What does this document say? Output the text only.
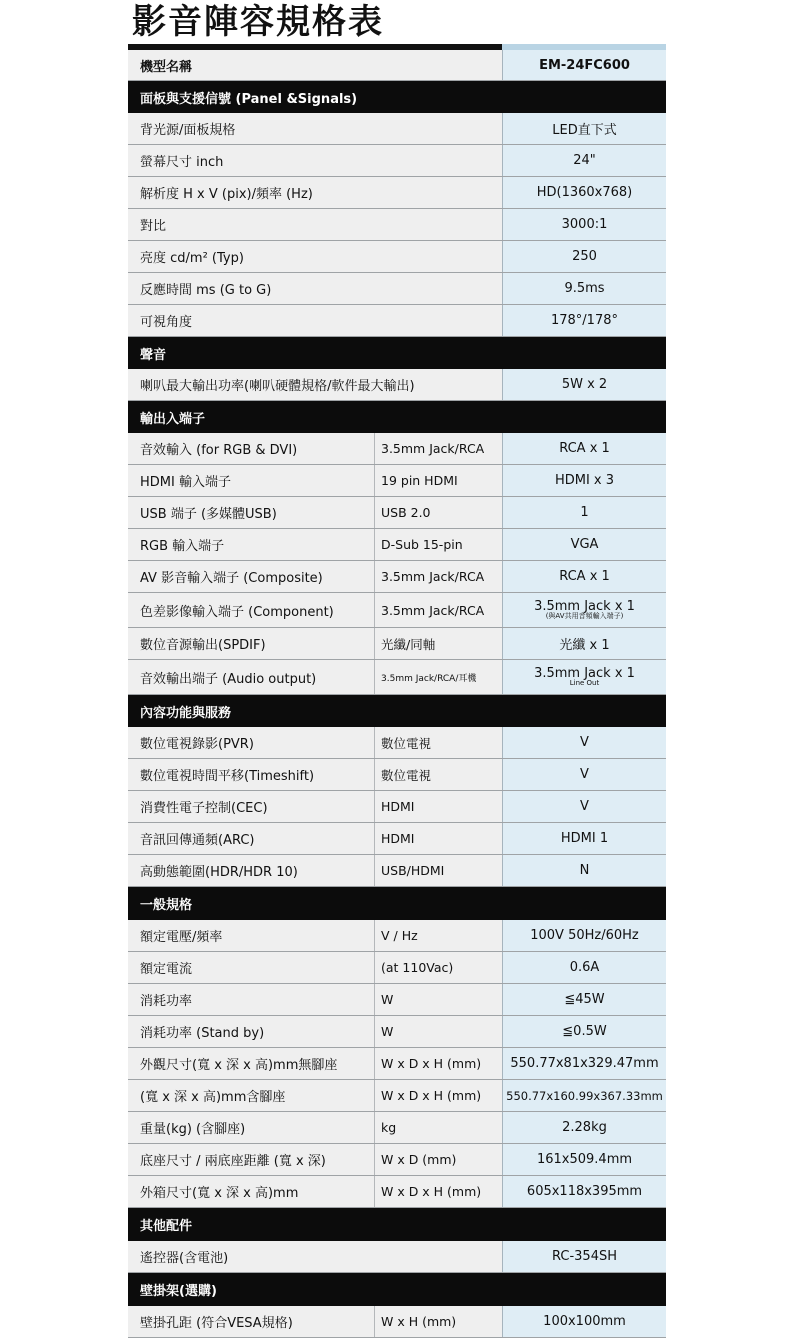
影音陣容規格表
機型名稱	EM-24FC600
面板與支援信號 (Panel &Signals)
背光源/面板規格	LED直下式
螢幕尺寸 inch	24"
解析度 H x V (pix)/頻率 (Hz)	HD(1360x768)
對比	3000:1
亮度 cd/m² (Typ)	250
反應時間 ms (G to G)	9.5ms
可視角度	178°/178°
聲音
喇叭最大輸出功率(喇叭硬體規格/軟件最大輸出)	5W x 2
輸出入端子
音效輸入 (for RGB & DVI)	3.5mm Jack/RCA	RCA x 1
HDMI 輸入端子	19 pin HDMI	HDMI x 3
USB 端子 (多媒體USB)	USB 2.0	1
RGB 輸入端子	D-Sub 15-pin	VGA
AV 影音輸入端子 (Composite)	3.5mm Jack/RCA	RCA x 1
色差影像輸入端子 (Component)	3.5mm Jack/RCA	3.5mm Jack x 1
(與AV共用音頻輸入端子)
數位音源輸出(SPDIF)	光纖/同軸	光纖 x 1
音效輸出端子 (Audio output)	3.5mm Jack/RCA/耳機	3.5mm Jack x 1
Line Out
內容功能與服務
數位電視錄影(PVR)	數位電視	V
數位電視時間平移(Timeshift)	數位電視	V
消費性電子控制(CEC)	HDMI	V
音訊回傳通頻(ARC)	HDMI	HDMI 1
高動態範圍(HDR/HDR 10)	USB/HDMI	N
一般規格
額定電壓/頻率	V / Hz	100V 50Hz/60Hz
額定電流	(at 110Vac)	0.6A
消耗功率	W	≦45W
消耗功率 (Stand by)	W	≦0.5W
外觀尺寸(寬 x 深 x 高)mm無腳座	W x D x H (mm)	550.77x81x329.47mm
(寬 x 深 x 高)mm含腳座	W x D x H (mm)	550.77x160.99x367.33mm
重量(kg) (含腳座)	kg	2.28kg
底座尺寸 / 兩底座距離 (寬 x 深)	W x D (mm)	161x509.4mm
外箱尺寸(寬 x 深 x 高)mm	W x D x H (mm)	605x118x395mm
其他配件
遙控器(含電池)	RC-354SH
壁掛架(選購)
壁掛孔距 (符合VESA規格)	W x H (mm)	100x100mm
